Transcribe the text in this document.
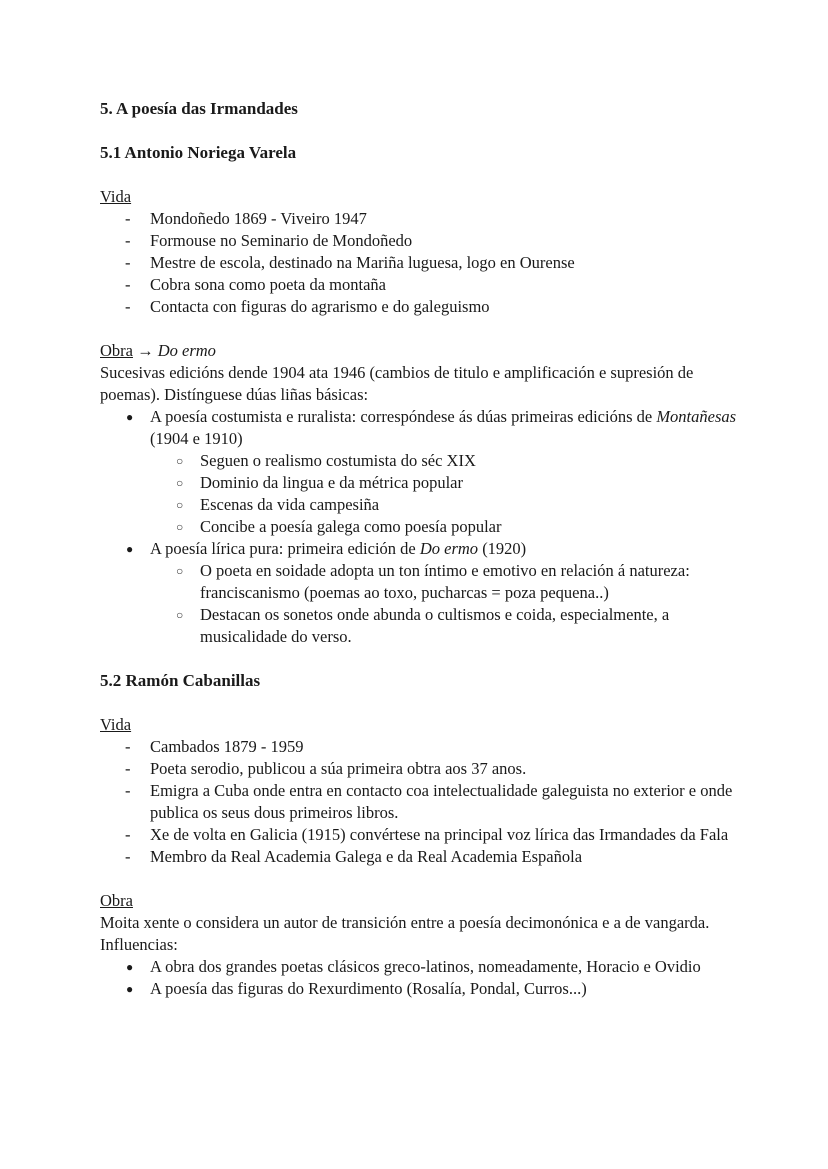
5. A poesía das Irmandades
5.1 Antonio Noriega Varela
Vida
- Mondoñedo 1869 - Viveiro 1947
- Formouse no Seminario de Mondoñedo
- Mestre de escola, destinado na Mariña luguesa, logo en Ourense
- Cobra sona como poeta da montaña
- Contacta con figuras do agrarismo e do galeguismo
Obra → Do ermo

Sucesivas edicións dende 1904 ata 1946 (cambios de titulo e amplificación e supresión de poemas). Distínguese dúas liñas básicas:

● A poesía costumista e ruralista: correspóndese ás dúas primeiras edicións de Montañesas (1904 e 1910)
○ Seguen o realismo costumista do séc XIX
○ Dominio da lingua e da métrica popular
○ Escenas da vida campesiña
○ Concibe a poesía galega como poesía popular
● A poesía lírica pura: primeira edición de Do ermo (1920)
○ O poeta en soidade adopta un ton íntimo e emotivo en relación á natureza: franciscanismo (poemas ao toxo, pucharcas = poza pequena..)
○ Destacan os sonetos onde abunda o cultismos e coida, especialmente, a musicalidade do verso.
5.2 Ramón Cabanillas
Vida
- Cambados 1879 - 1959
- Poeta serodio, publicou a súa primeira obtra aos 37 anos.
- Emigra a Cuba onde entra en contacto coa intelectualidade galeguista no exterior e onde publica os seus dous primeiros libros.
- Xe de volta en Galicia (1915) convértese na principal voz lírica das Irmandades da Fala
- Membro da Real Academia Galega e da Real Academia Española
Obra

Moita xente o considera un autor de transición entre a poesía decimonónica e a de vangarda. Influencias:

● A obra dos grandes poetas clásicos greco-latinos, nomeadamente, Horacio e Ovidio
● A poesía das figuras do Rexurdimento (Rosalía, Pondal, Curros...)
